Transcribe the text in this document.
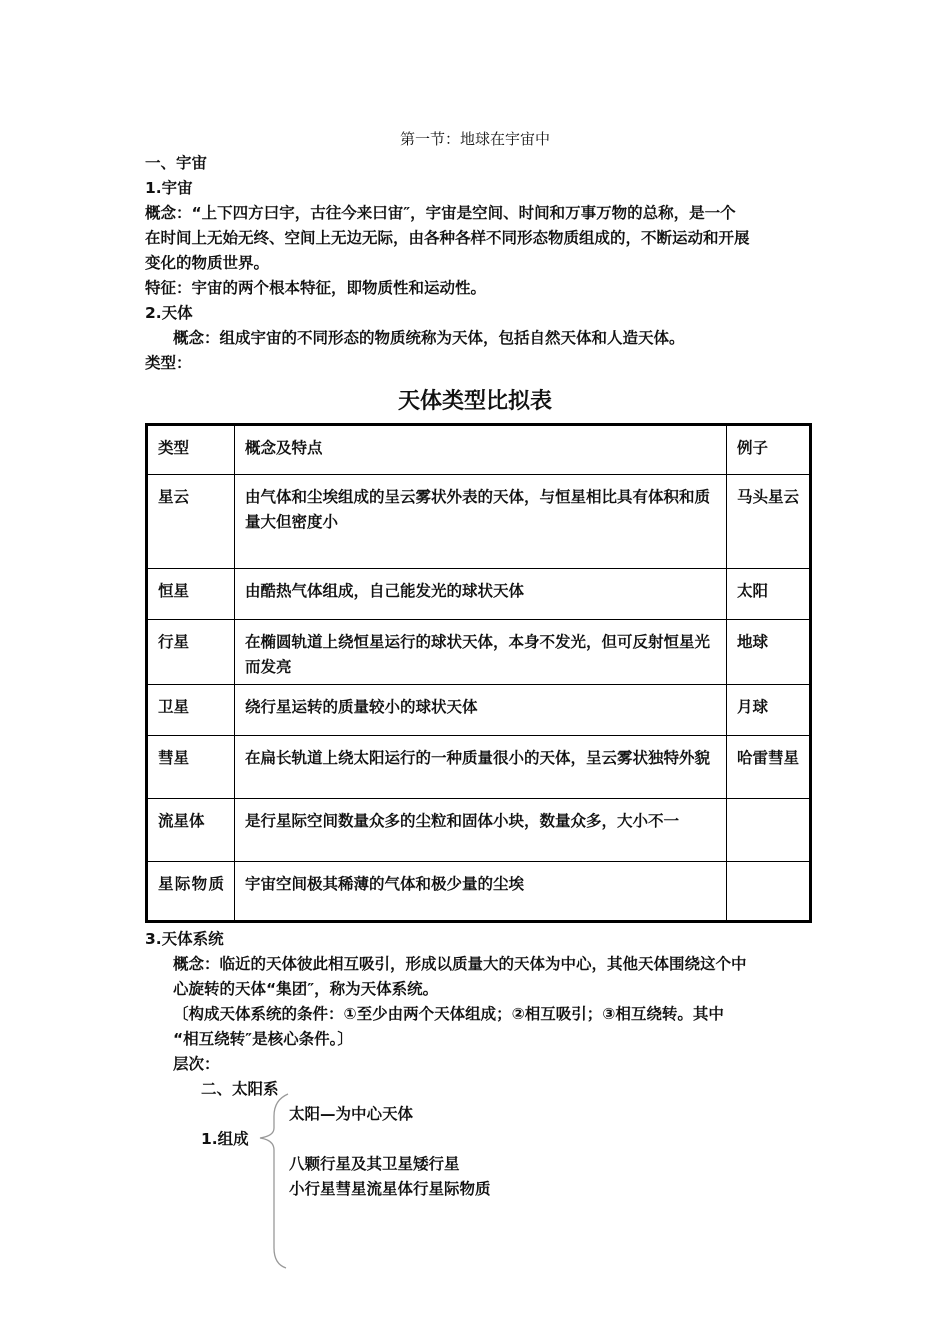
第一节：地球在宇宙中
一、宇宙
1.宇宙
概念：“上下四方曰宇，古往今来曰宙″，宇宙是空间、时间和万事万物的总称，是一个
在时间上无始无终、空间上无边无际，由各种各样不同形态物质组成的，不断运动和开展
变化的物质世界。
特征：宇宙的两个根本特征，即物质性和运动性。
2.天体
概念：组成宇宙的不同形态的物质统称为天体，包括自然天体和人造天体。
类型：
天体类型比拟表
类型	概念及特点	例子
星云	由气体和尘埃组成的呈云雾状外表的天体，与恒星相比具有体积和质量大但密度小	马头星云
恒星	由酷热气体组成，自己能发光的球状天体	太阳
行星	在椭圆轨道上绕恒星运行的球状天体，本身不发光，但可反射恒星光而发亮	地球
卫星	绕行星运转的质量较小的球状天体	月球
彗星	在扁长轨道上绕太阳运行的一种质量很小的天体，呈云雾状独特外貌	哈雷彗星
流星体	是行星际空间数量众多的尘粒和固体小块，数量众多，大小不一	
星际物质	宇宙空间极其稀薄的气体和极少量的尘埃	
3.天体系统
概念：临近的天体彼此相互吸引，形成以质量大的天体为中心，其他天体围绕这个中
心旋转的天体“集团″，称为天体系统。
〔构成天体系统的条件：①至少由两个天体组成；②相互吸引；③相互绕转。其中
“相互绕转″是核心条件。〕
层次：
二、太阳系
1.组成
太阳—为中心天体
八颗行星及其卫星矮行星
小行星彗星流星体行星际物质
